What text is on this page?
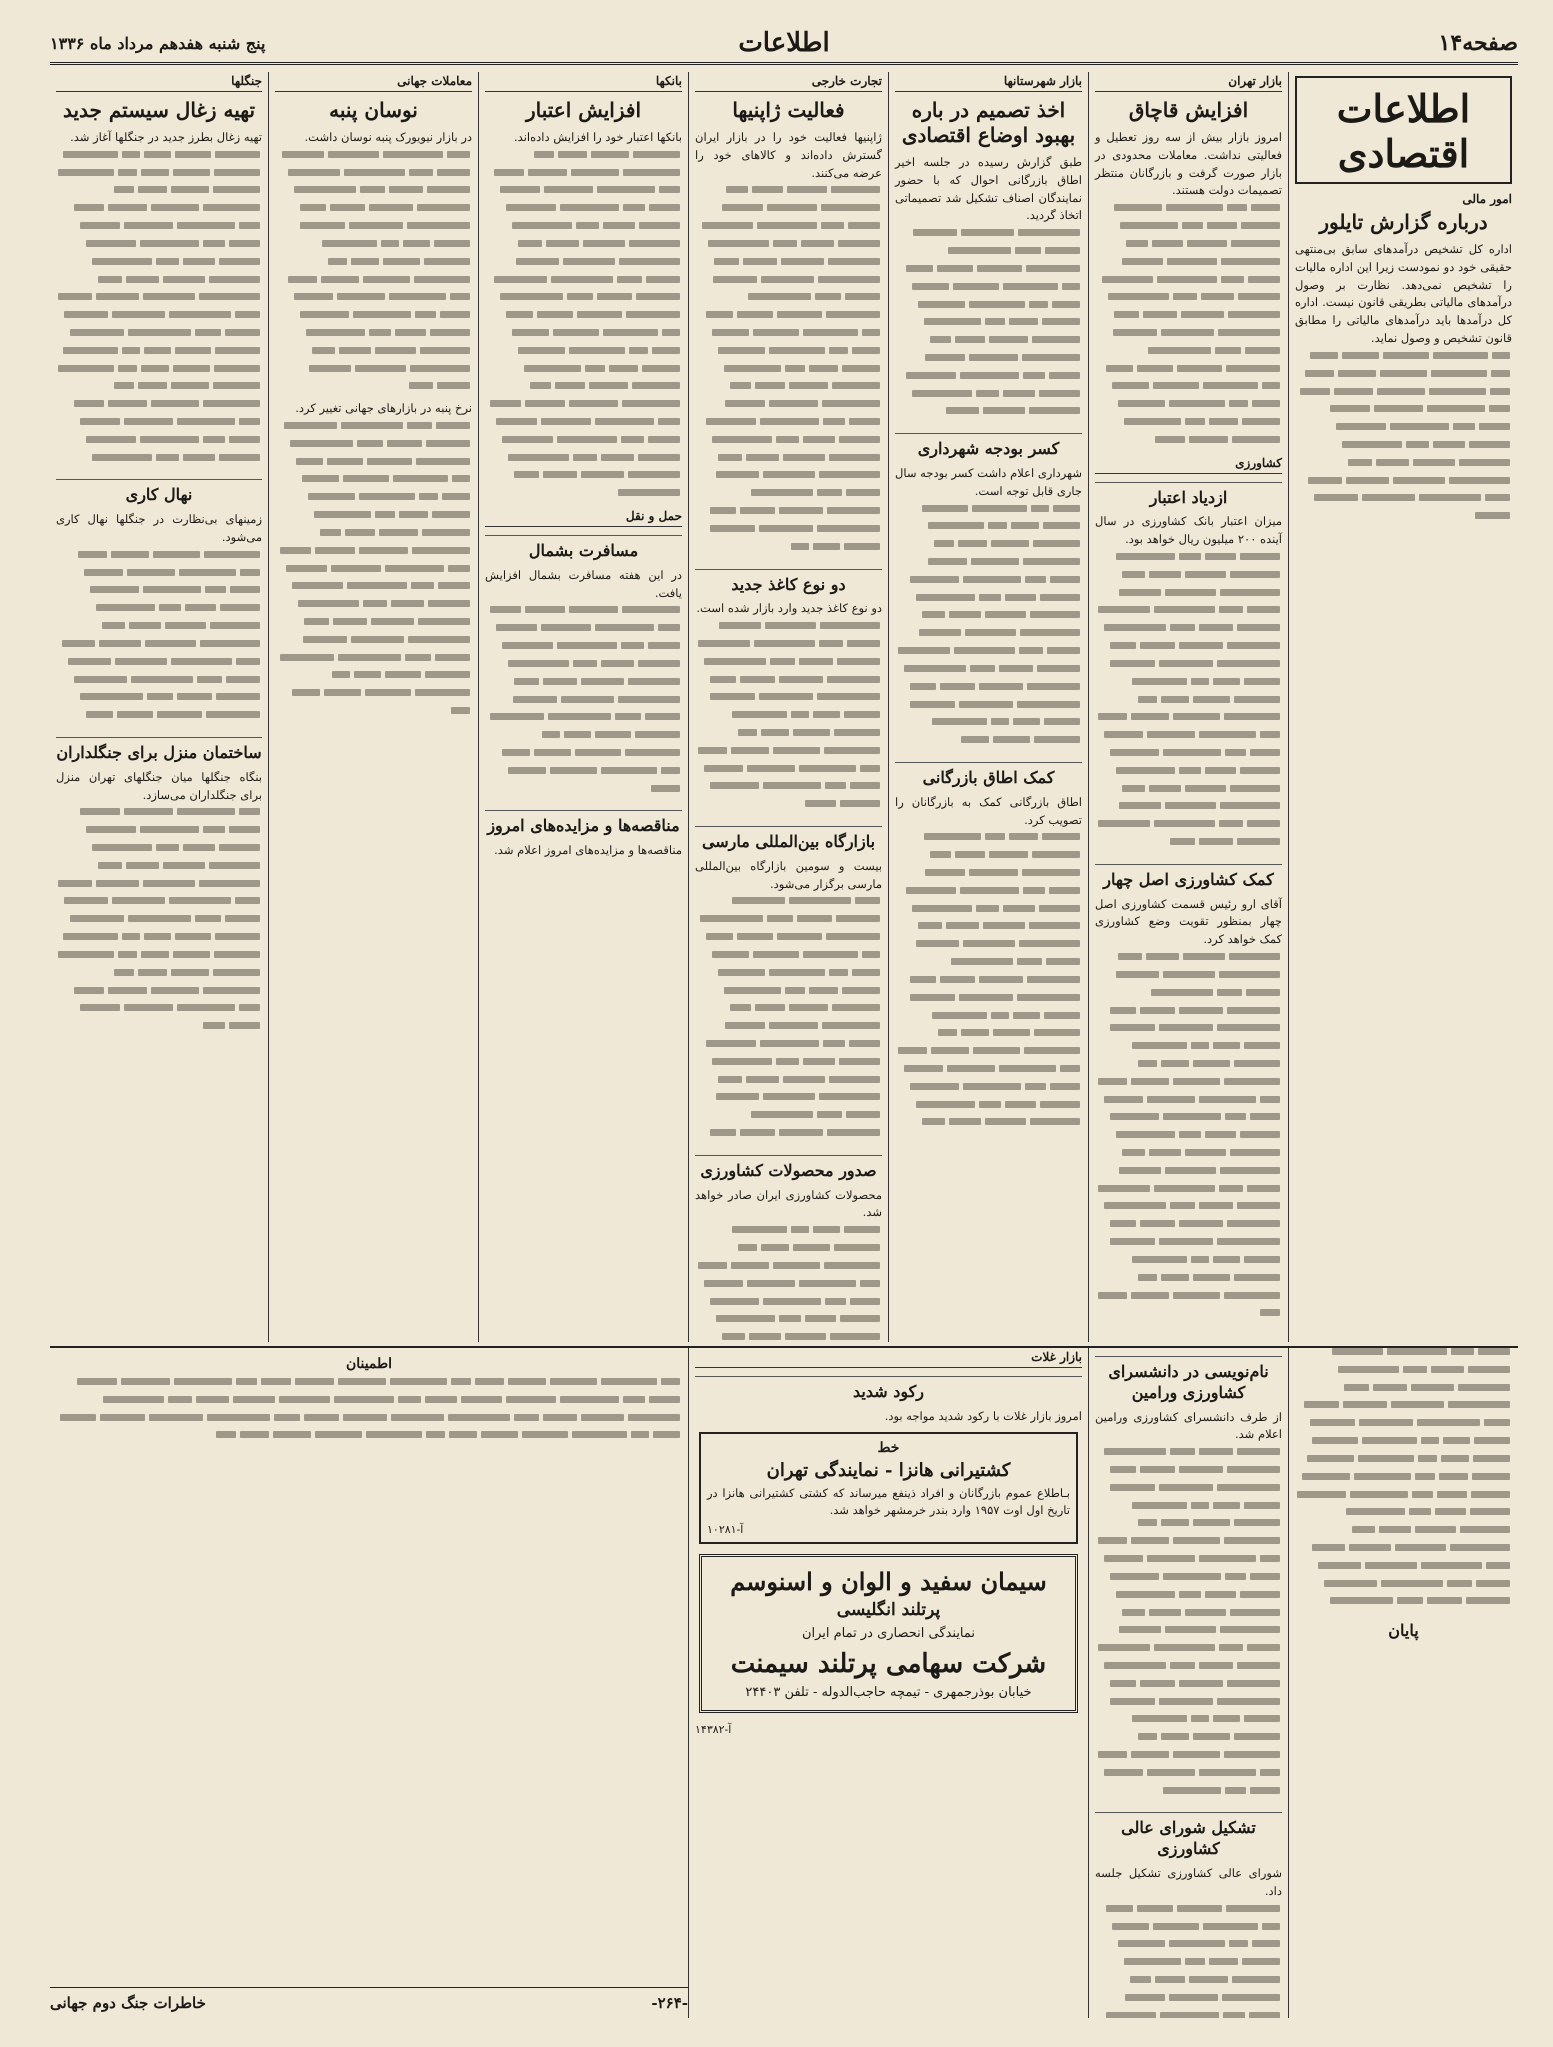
صفحه۱۴
اطلاعات
پنج شنبه هفدهم مرداد ماه ۱۳۳۶
اطلاعات اقتصادی
امور مالی
درباره گزارش تایلور

اداره کل تشخیص درآمدهای سابق بی‌منتهی حقیقی خود دو نمودست زیرا این اداره مالیات را تشخیص نمی‌دهد. نظارت بر وصول درآمدهای مالیاتی بطریقی قانون نیست. اداره کل درآمدها باید درآمدهای مالیاتی را مطابق قانون تشخیص و وصول نماید.

بازار تهران
افزایش قاچاق

امروز بازار بیش از سه روز تعطیل و فعالیتی نداشت. معاملات محدودی در بازار صورت گرفت و بازرگانان منتظر تصمیمات دولت هستند.

کشاورزی
ازدیاد اعتبار

میزان اعتبار بانک کشاورزی در سال آینده ۲۰۰ میلیون ریال خواهد بود.

کمک کشاورزی اصل چهار

آقای ارو رئیس قسمت کشاورزی اصل چهار بمنظور تقویت وضع کشاورزی کمک خواهد کرد.

بازار شهرستانها
اخذ تصمیم در باره بهبود اوضاع اقتصادی

طبق گزارش رسیده در جلسه اخیر اطاق بازرگانی احوال که با حضور نمایندگان اصناف تشکیل شد تصمیماتی اتخاذ گردید.

کسر بودجه شهرداری

شهرداری اعلام داشت کسر بودجه سال جاری قابل توجه است.

کمک اطاق بازرگانی

اطاق بازرگانی کمک به بازرگانان را تصویب کرد.

تجارت خارجی
فعالیت ژاپنیها

ژاپنیها فعالیت خود را در بازار ایران گسترش داده‌اند و کالاهای خود را عرضه می‌کنند.

دو نوع کاغذ جدید

دو نوع کاغذ جدید وارد بازار شده است.

بازارگاه بین‌المللی مارسی

بیست و سومین بازارگاه بین‌المللی مارسی برگزار می‌شود.

صدور محصولات کشاورزی

محصولات کشاورزی ایران صادر خواهد شد.

بانکها
افزایش اعتبار

بانکها اعتبار خود را افزایش داده‌اند.

حمل و نقل
مسافرت بشمال

در این هفته مسافرت بشمال افزایش یافت.

مناقصه‌ها و مزایده‌های امروز

مناقصه‌ها و مزایده‌های امروز اعلام شد.

معاملات جهانی
نوسان پنبه

در بازار نیویورک پنبه نوسان داشت.

نرخ پنبه در بازارهای جهانی تغییر کرد.

جنگلها
تهیه زغال سیستم جدید

تهیه زغال بطرز جدید در جنگلها آغاز شد.

نهال کاری

زمینهای بی‌نظارت در جنگلها نهال کاری می‌شود.

ساختمان منزل برای جنگلداران

بنگاه جنگلها میان جنگلهای تهران منزل برای جنگلداران می‌سازد.

پایان
نام‌نویسی در دانشسرای کشاورزی ورامین

از طرف دانشسرای کشاورزی ورامین اعلام شد.

تشکیل شورای عالی کشاورزی

شورای عالی کشاورزی تشکیل جلسه داد.

بازار غلات
رکود شدید

امروز بازار غلات با رکود شدید مواجه بود.

خط
کشتیرانی هانزا - نمایندگی تهران
بـاطلاع عموم بازرگانان و افراد ذینفع میرساند که کشتی کشتیرانی هانزا در تاریخ اول اوت ۱۹۵۷ وارد بندر خرمشهر خواهد شد.
آ-۱۰۲۸۱
سیمان سفید و الوان و اسنوسم
پرتلند انگلیسی
نمایندگی انحصاری در تمام ایران
شرکت سهامی پرتلند سیمنت
خیابان بوذرجمهری - تیمچه حاجب‌الدوله - تلفن ۲۴۴۰۳
آ-۱۴۳۸۲
اطمینان
خاطرات جنگ دوم جهانی	-۲۶۴-
